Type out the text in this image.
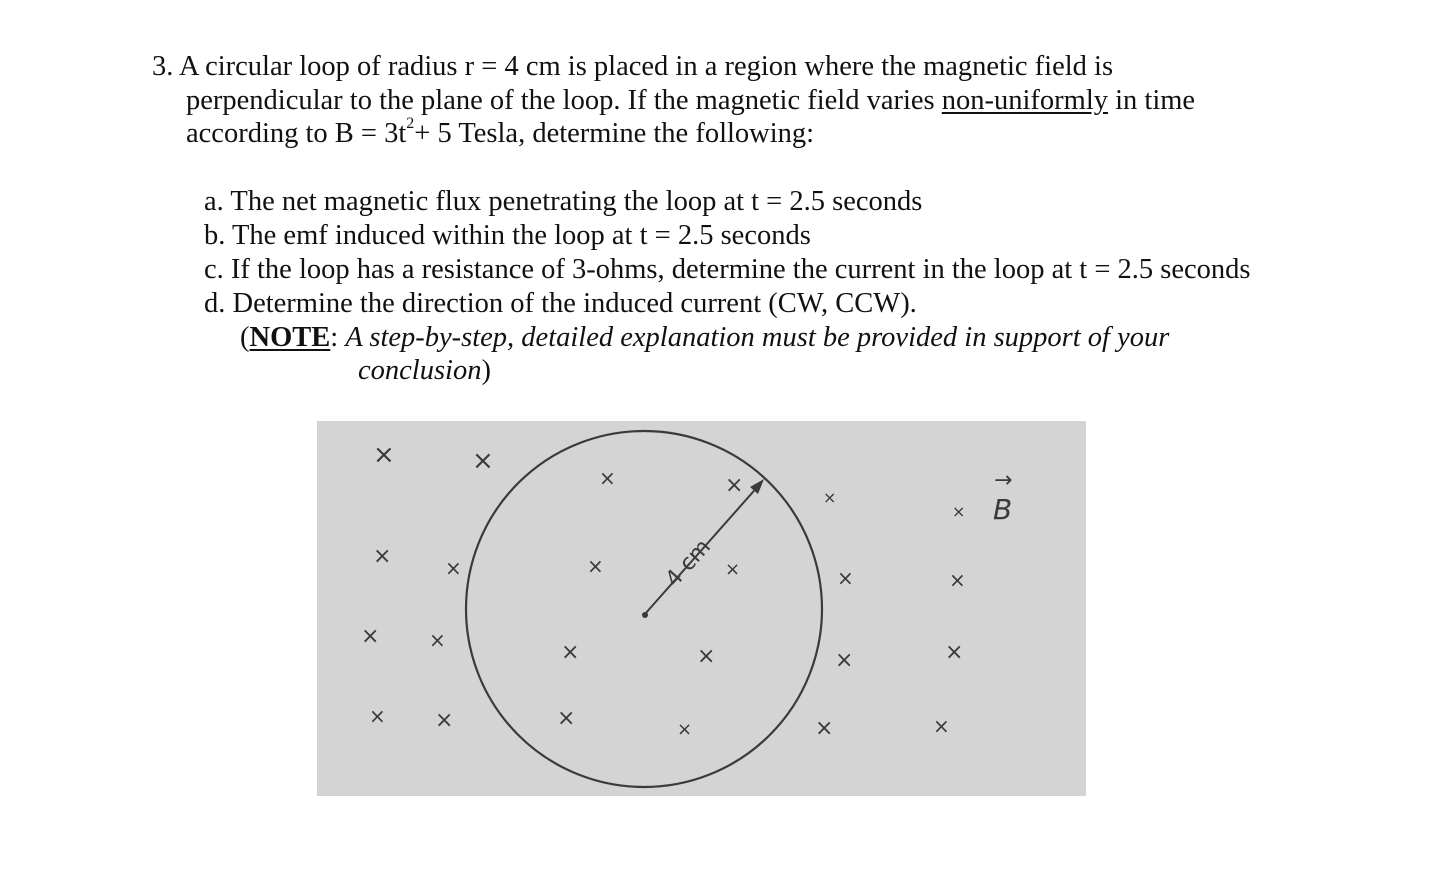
3. A circular loop of radius r = 4 cm is placed in a region where the magnetic field is
perpendicular to the plane of the loop. If the magnetic field varies non-uniformly in time
according to $B = 3t^2+ 5$ Tesla, determine the following:
a. The net magnetic flux penetrating the loop at t = 2.5 seconds
b. The emf induced within the loop at t = 2.5 seconds
c. If the loop has a resistance of 3-ohms, determine the current in the loop at t = 2.5 seconds
d. Determine the direction of the induced current (CW, CCW).
(NOTE: A step-by-step, detailed explanation must be provided in support of your
conclusion)
4 cm
B
→
×	×
×	×	×
×
×	×	×	×	×	×
× ×	×	×	×	×
× ×	×	×	×	×
